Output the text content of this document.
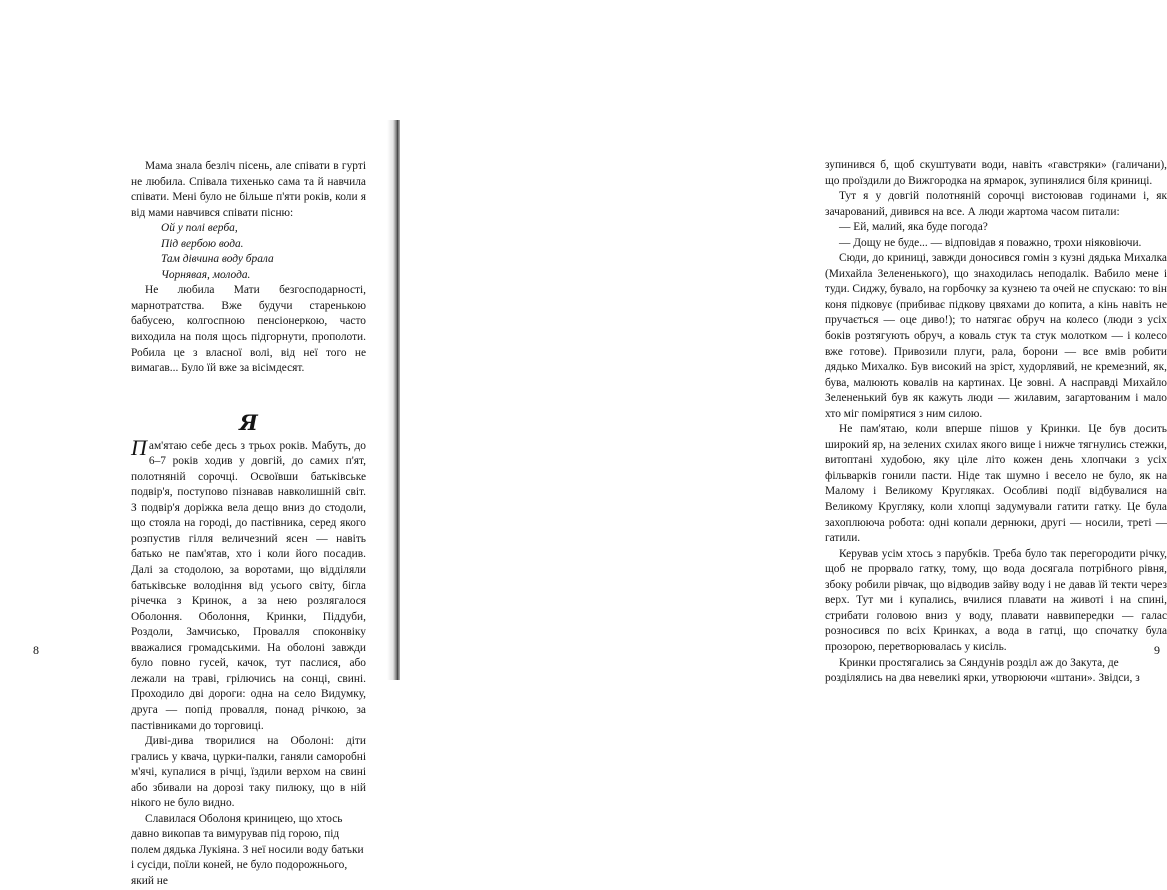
Мама знала безліч пісень, але співати в гурті не любила. Співала тихенько сама та й навчила співати. Мені було не більше п'яти років, коли я від мами навчився співати пісню:

Ой у полі верба,
Під вербою вода.
Там дівчина воду брала
Чорнявая, молода.

Не любила Мати безгосподарності, марнотратства. Вже будучи старенькою бабусею, колгоспною пенсіонеркою, часто виходила на поля щось підгорнути, прополоти. Робила це з власної волі, від неї того не вимагав... Було їй вже за вісімдесят.

Я

Пам'ятаю себе десь з трьох років. Мабуть, до 6–7 років ходив у довгій, до самих п'ят, полотняній сорочці. Освоївши батьківське подвір'я, поступово пізнавав навколишній світ. З подвір'я доріжка вела дещо вниз до стодоли, що стояла на городі, до пастівника, серед якого розпустив гілля величезний ясен — навіть батько не пам'ятав, хто і коли його посадив. Далі за стодолою, за воротами, що відділяли батьківське володіння від усього світу, бігла річечка з Кринок, а за нею розлягалося Оболоння. Оболоння, Кринки, Піддуби, Роздоли, Замчисько, Провалля споконвіку вважалися громадськими. На оболоні завжди було повно гусей, качок, тут паслися, або лежали на траві, грілючись на сонці, свині. Проходило дві дороги: одна на село Видумку, друга — попід провалля, понад річкою, за пастівниками до торговиці.

Диві-дива творилися на Оболоні: діти грались у квача, цурки-палки, ганяли саморобні м'ячі, купалися в річці, їздили верхом на свині або збивали на дорозі таку пилюку, що в ній нікого не було видно.

Славилася Оболоня криницею, що хтось давно викопав та вимурував під горою, під полем дядька Лукіяна. З неї носили воду батьки і сусіди, поїли коней, не було подорожнього, який не

8

зупинився б, щоб скуштувати води, навіть «гавстряки» (галичани), що проїздили до Вижгородка на ярмарок, зупинялися біля криниці.

Тут я у довгій полотняній сорочці вистоював годинами і, як зачарований, дивився на все. А люди жартома часом питали:

— Ей, малий, яка буде погода?

— Дощу не буде... — відповідав я поважно, трохи ніяковіючи.

Сюди, до криниці, завжди доносився гомін з кузні дядька Михалка (Михайла Зелененького), що знаходилась неподалік. Вабило мене і туди. Сиджу, бувало, на горбочку за кузнею та очей не спускаю: то він коня підковує (прибиває підкову цвяхами до копита, а кінь навіть не пручається — оце диво!); то натягає обруч на колесо (люди з усіх боків розтягують обруч, а коваль стук та стук молотком — і колесо вже готове). Привозили плуги, рала, борони — все вмів робити дядько Михалко. Був високий на зріст, худорлявий, не кремезний, як, бува, малюють ковалів на картинах. Це зовні. А насправді Михайло Зелененький був як кажуть люди — жилавим, загартованим і мало хто міг помірятися з ним силою.

Не пам'ятаю, коли вперше пішов у Кринки. Це був досить широкий яр, на зелених схилах якого вище і нижче тягнулись стежки, витоптані худобою, яку ціле літо кожен день хлопчаки з усіх фільварків гонили пасти. Ніде так шумно і весело не було, як на Малому і Великому Кругляках. Особливі події відбувалися на Великому Кругляку, коли хлопці задумували гатити гатку. Це була захоплююча робота: одні копали дернюки, другі — носили, треті — гатили.

Керував усім хтось з парубків. Треба було так перегородити річку, щоб не прорвало гатку, тому, що вода досягала потрібного рівня, збоку робили рівчак, що відводив зайву воду і не давав їй текти через верх. Тут ми і купались, вчилися плавати на животі і на спині, стрибати головою вниз у воду, плавати наввипередки — галас розносився по всіх Кринках, а вода в гатці, що спочатку була прозорою, перетворювалась у кисіль.

Кринки простягались за Сяндунів розділ аж до Закута, де розділялись на два невеликі ярки, утворюючи «штани». Звідси, з

9
